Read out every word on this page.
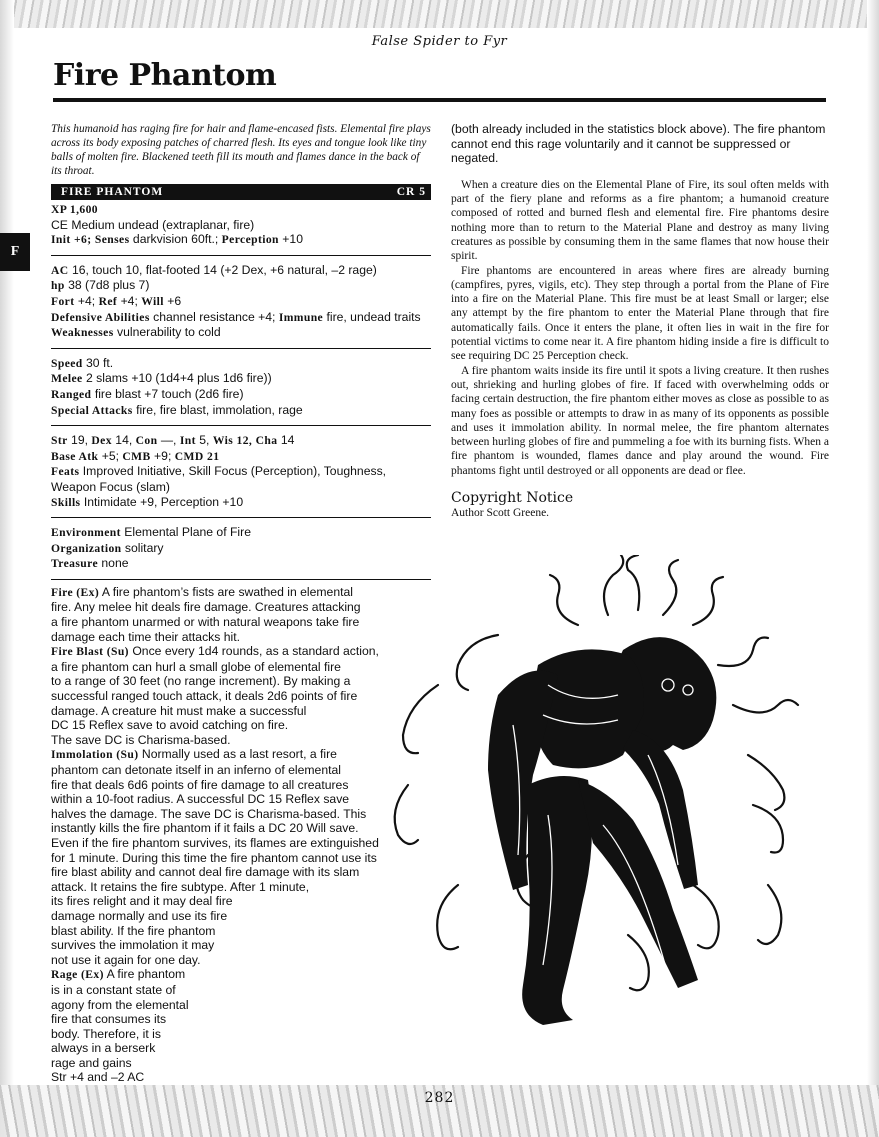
False Spider to Fyr
Fire Phantom
F

This humanoid has raging fire for hair and flame-encased fists. Elemental fire plays across its body exposing patches of charred flesh. Its eyes and tongue look like tiny balls of molten fire. Blackened teeth fill its mouth and flames dance in the back of its throat.

FIRE PHANTOM	CR 5
XP 1,600
CE Medium undead (extraplanar, fire)
Init +6; Senses darkvision 60ft.; Perception +10
AC 16, touch 10, flat-footed 14 (+2 Dex, +6 natural, –2 rage)
hp 38 (7d8 plus 7)
Fort +4; Ref +4; Will +6
Defensive Abilities channel resistance +4; Immune fire, undead traits
Weaknesses vulnerability to cold
Speed 30 ft.
Melee 2 slams +10 (1d4+4 plus 1d6 fire))
Ranged fire blast +7 touch (2d6 fire)
Special Attacks fire, fire blast, immolation, rage
Str 19, Dex 14, Con —, Int 5, Wis 12, Cha 14
Base Atk +5; CMB +9; CMD 21
Feats Improved Initiative, Skill Focus (Perception), Toughness, Weapon Focus (slam)
Skills Intimidate +9, Perception +10
Environment Elemental Plane of Fire
Organization solitary
Treasure none

Fire (Ex) A fire phantom’s fists are swathed in elemental
fire. Any melee hit deals fire damage. Creatures attacking
a fire phantom unarmed or with natural weapons take fire
damage each time their attacks hit.

Fire Blast (Su) Once every 1d4 rounds, as a standard action,
a fire phantom can hurl a small globe of elemental fire
to a range of 30 feet (no range increment). By making a
successful ranged touch attack, it deals 2d6 points of fire
damage. A creature hit must make a successful
DC 15 Reflex save to avoid catching on fire.
The save DC is Charisma-based.

Immolation (Su) Normally used as a last resort, a fire
phantom can detonate itself in an inferno of elemental
fire that deals 6d6 points of fire damage to all creatures
within a 10-foot radius. A successful DC 15 Reflex save
halves the damage. The save DC is Charisma-based. This
instantly kills the fire phantom if it fails a DC 20 Will save.
Even if the fire phantom survives, its flames are extinguished
for 1 minute. During this time the fire phantom cannot use its
fire blast ability and cannot deal fire damage with its slam
attack. It retains the fire subtype. After 1 minute,
its fires relight and it may deal fire
damage normally and use its fire
blast ability. If the fire phantom
survives the immolation it may
not use it again for one day.

Rage (Ex) A fire phantom
is in a constant state of
agony from the elemental
fire that consumes its
body. Therefore, it is
always in a berserk
rage and gains
Str +4 and –2 AC

(both already included in the statistics block above). The fire phantom cannot end this rage voluntarily and it cannot be suppressed or negated.

When a creature dies on the Elemental Plane of Fire, its soul often melds with part of the fiery plane and reforms as a fire phantom; a humanoid creature composed of rotted and burned flesh and elemental fire. Fire phantoms desire nothing more than to return to the Material Plane and destroy as many living creatures as possible by consuming them in the same flames that now house their spirit.

Fire phantoms are encountered in areas where fires are already burning (campfires, pyres, vigils, etc). They step through a portal from the Plane of Fire into a fire on the Material Plane. This fire must be at least Small or larger; else any attempt by the fire phantom to enter the Material Plane through that fire automatically fails. Once it enters the plane, it often lies in wait in the fire for potential victims to come near it. A fire phantom hiding inside a fire is difficult to see requiring DC 25 Perception check.

A fire phantom waits inside its fire until it spots a living creature. It then rushes out, shrieking and hurling globes of fire. If faced with overwhelming odds or facing certain destruction, the fire phantom either moves as close as possible to as many foes as possible or attempts to draw in as many of its opponents as possible and uses it immolation ability. In normal melee, the fire phantom alternates between hurling globes of fire and pummeling a foe with its burning fists. When a fire phantom is wounded, flames dance and play around the wound. Fire phantoms fight until destroyed or all opponents are dead or flee.

Copyright Notice
Author Scott Greene.
282
